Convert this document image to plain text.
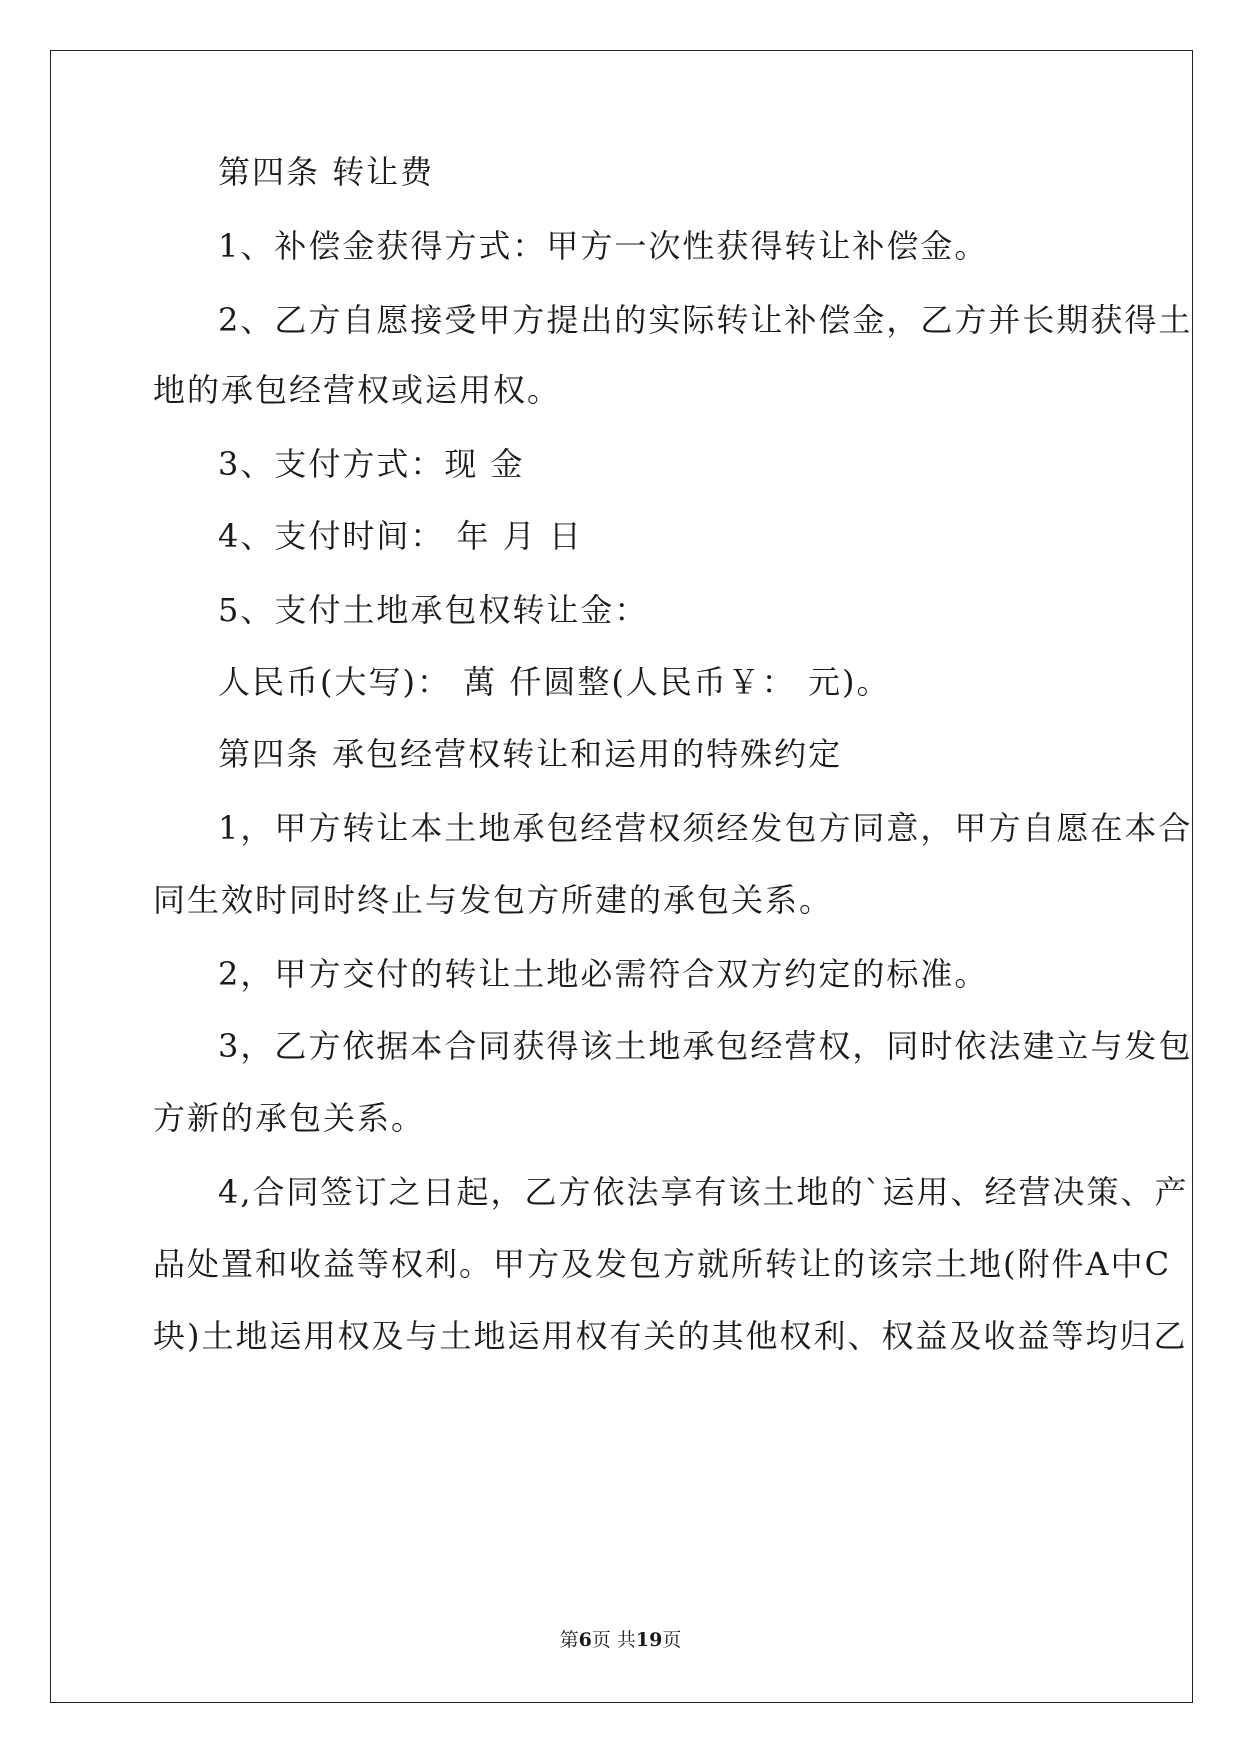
第四条 转让费
1、补偿金获得方式：甲方一次性获得转让补偿金。
2、乙方自愿接受甲方提出的实际转让补偿金，乙方并长期获得土
地的承包经营权或运用权。
3、支付方式：现 金
4、支付时间： 年 月 日
5、支付土地承包权转让金：
人民币(大写)： 萬 仟圆整(人民币￥： 元)。
第四条 承包经营权转让和运用的特殊约定
1，甲方转让本土地承包经营权须经发包方同意，甲方自愿在本合
同生效时同时终止与发包方所建的承包关系。
2，甲方交付的转让土地必需符合双方约定的标准。
3，乙方依据本合同获得该土地承包经营权，同时依法建立与发包
方新的承包关系。
4,合同签订之日起，乙方依法享有该土地的`运用、经营决策、产
品处置和收益等权利。甲方及发包方就所转让的该宗土地(附件A中C
块)土地运用权及与土地运用权有关的其他权利、权益及收益等均归乙
第6页 共19页
